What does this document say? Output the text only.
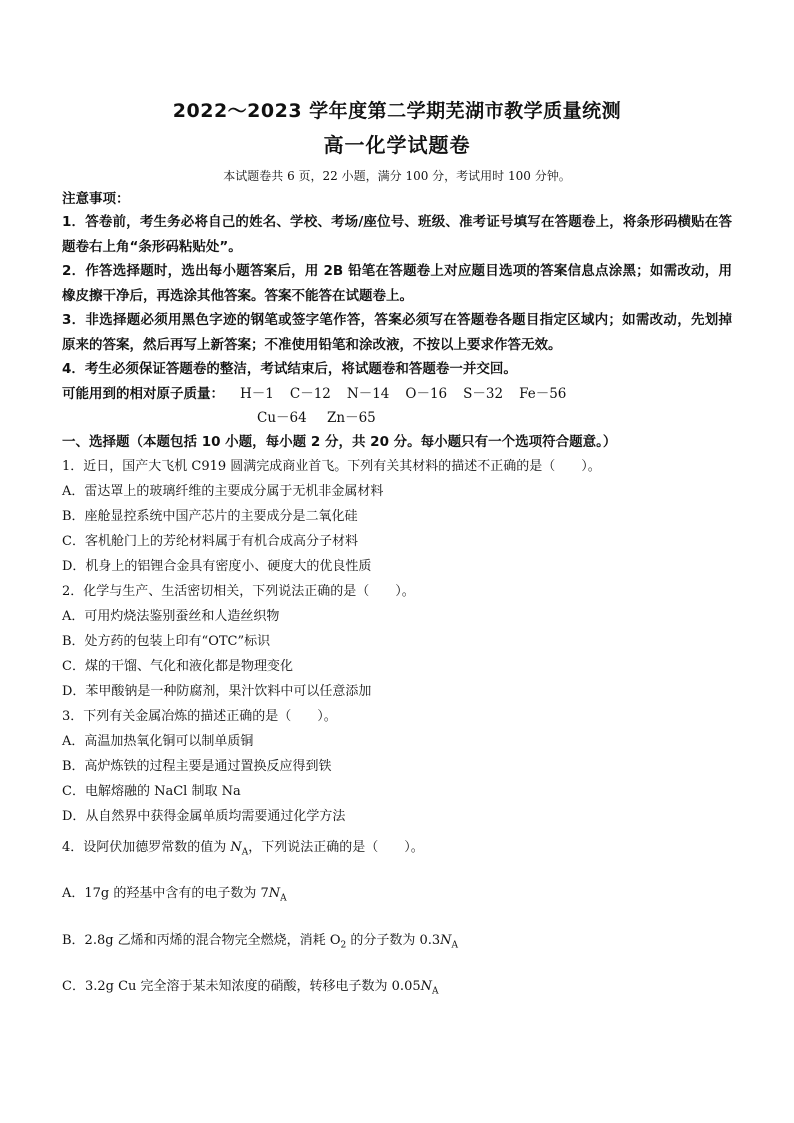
2022～2023 学年度第二学期芜湖市教学质量统测
高一化学试题卷
本试题卷共 6 页，22 小题，满分 100 分，考试用时 100 分钟。
注意事项：
1．答卷前，考生务必将自己的姓名、学校、考场/座位号、班级、准考证号填写在答题卷上，将条形码横贴在答题卷右上角“条形码粘贴处”。
2．作答选择题时，选出每小题答案后，用 2B 铅笔在答题卷上对应题目选项的答案信息点涂黑；如需改动，用橡皮擦干净后，再选涂其他答案。答案不能答在试题卷上。
3．非选择题必须用黑色字迹的钢笔或签字笔作答，答案必须写在答题卷各题目指定区域内；如需改动，先划掉原来的答案，然后再写上新答案；不准使用铅笔和涂改液，不按以上要求作答无效。
4．考生必须保证答题卷的整洁，考试结束后，将试题卷和答题卷一并交回。
可能用到的相对原子质量： H－1 C－12 N－14 O－16 S－32 Fe－56
Cu－64 Zn－65
一、选择题（本题包括 10 小题，每小题 2 分，共 20 分。每小题只有一个选项符合题意。）
1．近日，国产大飞机 C919 圆满完成商业首飞。下列有关其材料的描述不正确的是（　　）。
A．雷达罩上的玻璃纤维的主要成分属于无机非金属材料
B．座舱显控系统中国产芯片的主要成分是二氧化硅
C．客机舱门上的芳纶材料属于有机合成高分子材料
D．机身上的铝锂合金具有密度小、硬度大的优良性质
2．化学与生产、生活密切相关，下列说法正确的是（　　）。
A．可用灼烧法鉴别蚕丝和人造丝织物
B．处方药的包装上印有“OTC”标识
C．煤的干馏、气化和液化都是物理变化
D．苯甲酸钠是一种防腐剂，果汁饮料中可以任意添加
3．下列有关金属冶炼的描述正确的是（　　）。
A．高温加热氧化铜可以制单质铜
B．高炉炼铁的过程主要是通过置换反应得到铁
C．电解熔融的 NaCl 制取 Na
D．从自然界中获得金属单质均需要通过化学方法
4．设阿伏加德罗常数的值为 $N_A$，下列说法正确的是（　　）。
A．17g 的羟基中含有的电子数为 $7N_A$
B．2.8g 乙烯和丙烯的混合物完全燃烧，消耗 $O_2$ 的分子数为 $0.3N_A$
C．3.2g Cu 完全溶于某未知浓度的硝酸，转移电子数为 $0.05N_A$
